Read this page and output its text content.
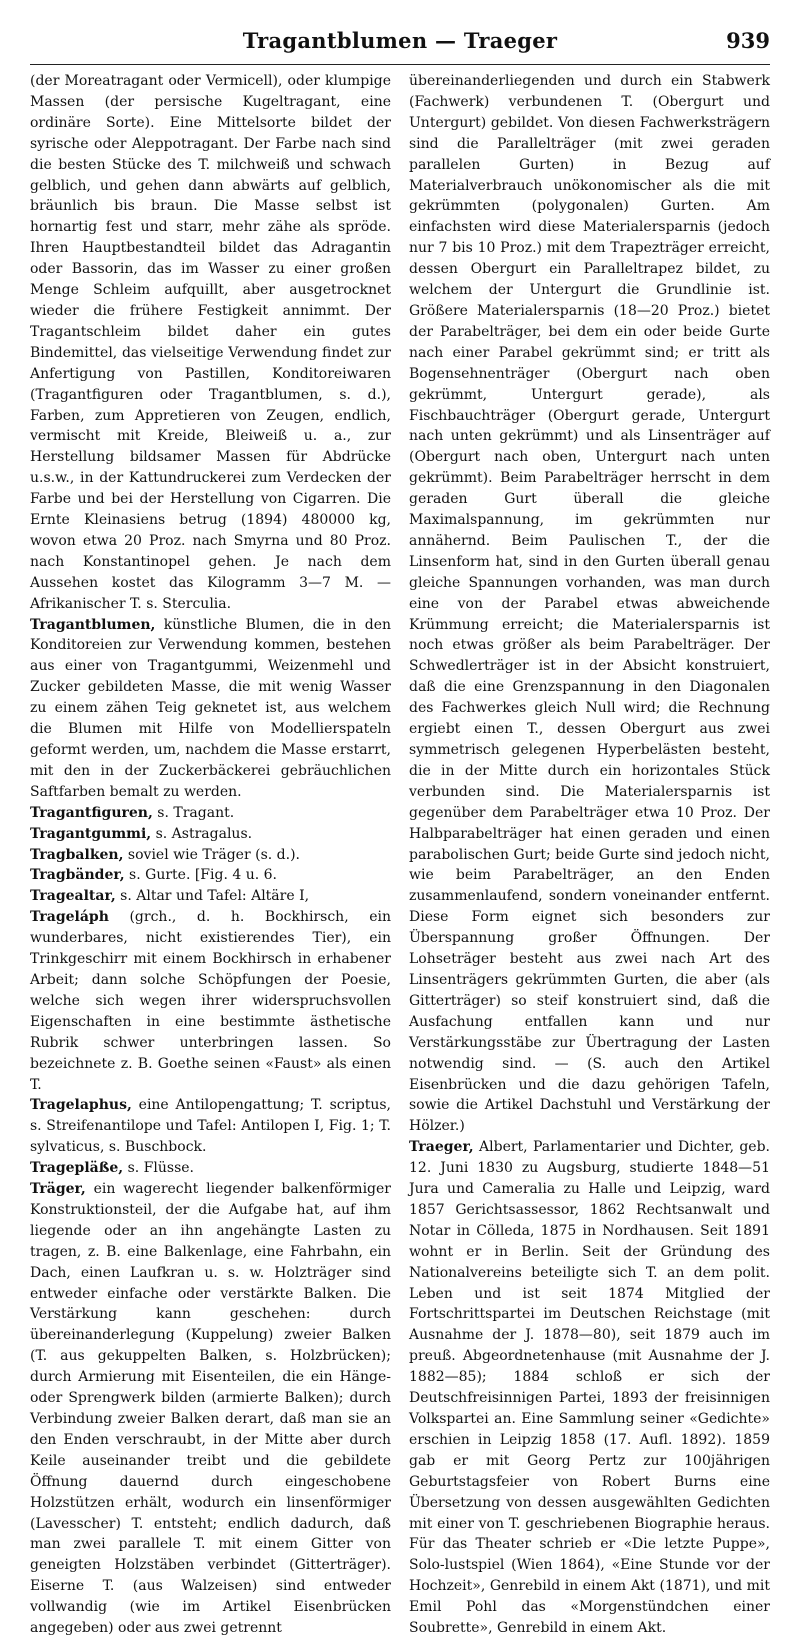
Tragantblumen — Traeger	939

(der Moreatragant oder Vermicell), oder klumpige Massen (der persische Kugeltragant, eine ordinäre Sorte). Eine Mittelsorte bildet der syrische oder Aleppotragant. Der Farbe nach sind die besten Stücke des T. milchweiß und schwach gelblich, und gehen dann abwärts auf gelblich, bräunlich bis braun. Die Masse selbst ist hornartig fest und starr, mehr zähe als spröde. Ihren Hauptbestandteil bildet das Adragantin oder Bassorin, das im Wasser zu einer großen Menge Schleim aufquillt, aber ausgetrocknet wieder die frühere Festigkeit annimmt. Der Tragantschleim bildet daher ein gutes Bindemittel, das vielseitige Verwendung findet zur Anfertigung von Pastillen, Konditoreiwaren (Tragantfiguren oder Tragantblumen, s. d.), Farben, zum Appretieren von Zeugen, endlich, vermischt mit Kreide, Bleiweiß u. a., zur Herstellung bildsamer Massen für Abdrücke u.s.w., in der Kattundruckerei zum Verdecken der Farbe und bei der Herstellung von Cigarren. Die Ernte Kleinasiens betrug (1894) 480000 kg, wovon etwa 20 Proz. nach Smyrna und 80 Proz. nach Konstantinopel gehen. Je nach dem Aussehen kostet das Kilogramm 3—7 M. — Afrikanischer T. s. Sterculia.

Tragantblumen, künstliche Blumen, die in den Konditoreien zur Verwendung kommen, bestehen aus einer von Tragantgummi, Weizenmehl und Zucker gebildeten Masse, die mit wenig Wasser zu einem zähen Teig geknetet ist, aus welchem die Blumen mit Hilfe von Modellierspateln geformt werden, um, nachdem die Masse erstarrt, mit den in der Zuckerbäckerei gebräuchlichen Saftfarben bemalt zu werden.

Tragantfiguren, s. Tragant.

Tragantgummi, s. Astragalus.

Tragbalken, soviel wie Träger (s. d.).

Tragbänder, s. Gurte. [Fig. 4 u. 6.

Tragealtar, s. Altar und Tafel: Altäre I,

Trageláph (grch., d. h. Bockhirsch, ein wunderbares, nicht existierendes Tier), ein Trinkgeschirr mit einem Bockhirsch in erhabener Arbeit; dann solche Schöpfungen der Poesie, welche sich wegen ihrer widerspruchsvollen Eigenschaften in eine bestimmte ästhetische Rubrik schwer unterbringen lassen. So bezeichnete z. B. Goethe seinen «Faust» als einen T.

Tragelaphus, eine Antilopengattung; T. scriptus, s. Streifenantilope und Tafel: Antilopen I, Fig. 1; T. sylvaticus, s. Buschbock.

Tragepläße, s. Flüsse.

Träger, ein wagerecht liegender balkenförmiger Konstruktionsteil, der die Aufgabe hat, auf ihm liegende oder an ihn angehängte Lasten zu tragen, z. B. eine Balkenlage, eine Fahrbahn, ein Dach, einen Laufkran u. s. w. Holzträger sind entweder einfache oder verstärkte Balken. Die Verstärkung kann geschehen: durch übereinanderlegung (Kuppelung) zweier Balken (T. aus gekuppelten Balken, s. Holzbrücken); durch Armierung mit Eisenteilen, die ein Hänge- oder Sprengwerk bilden (armierte Balken); durch Verbindung zweier Balken derart, daß man sie an den Enden verschraubt, in der Mitte aber durch Keile auseinander treibt und die gebildete Öffnung dauernd durch eingeschobene Holzstützen erhält, wodurch ein linsenförmiger (Lavesscher) T. entsteht; endlich dadurch, daß man zwei parallele T. mit einem Gitter von geneigten Holzstäben verbindet (Gitterträger). Eiserne T. (aus Walzeisen) sind entweder vollwandig (wie im Artikel Eisenbrücken angegeben) oder aus zwei getrennt

übereinanderliegenden und durch ein Stabwerk (Fachwerk) verbundenen T. (Obergurt und Untergurt) gebildet. Von diesen Fachwerksträgern sind die Parallelträger (mit zwei geraden parallelen Gurten) in Bezug auf Materialverbrauch unökonomischer als die mit gekrümmten (polygonalen) Gurten. Am einfachsten wird diese Materialersparnis (jedoch nur 7 bis 10 Proz.) mit dem Trapezträger erreicht, dessen Obergurt ein Paralleltrapez bildet, zu welchem der Untergurt die Grundlinie ist. Größere Materialersparnis (18—20 Proz.) bietet der Parabelträger, bei dem ein oder beide Gurte nach einer Parabel gekrümmt sind; er tritt als Bogensehnenträger (Obergurt nach oben gekrümmt, Untergurt gerade), als Fischbauchträger (Obergurt gerade, Untergurt nach unten gekrümmt) und als Linsenträger auf (Obergurt nach oben, Untergurt nach unten gekrümmt). Beim Parabelträger herrscht in dem geraden Gurt überall die gleiche Maximalspannung, im gekrümmten nur annähernd. Beim Paulischen T., der die Linsenform hat, sind in den Gurten überall genau gleiche Spannungen vorhanden, was man durch eine von der Parabel etwas abweichende Krümmung erreicht; die Materialersparnis ist noch etwas größer als beim Parabelträger. Der Schwedlerträger ist in der Absicht konstruiert, daß die eine Grenzspannung in den Diagonalen des Fachwerkes gleich Null wird; die Rechnung ergiebt einen T., dessen Obergurt aus zwei symmetrisch gelegenen Hyperbelästen besteht, die in der Mitte durch ein horizontales Stück verbunden sind. Die Materialersparnis ist gegenüber dem Parabelträger etwa 10 Proz. Der Halbparabelträger hat einen geraden und einen parabolischen Gurt; beide Gurte sind jedoch nicht, wie beim Parabelträger, an den Enden zusammenlaufend, sondern voneinander entfernt. Diese Form eignet sich besonders zur Überspannung großer Öffnungen. Der Lohseträger besteht aus zwei nach Art des Linsenträgers gekrümmten Gurten, die aber (als Gitterträger) so steif konstruiert sind, daß die Ausfachung entfallen kann und nur Verstärkungsstäbe zur Übertragung der Lasten notwendig sind. — (S. auch den Artikel Eisenbrücken und die dazu gehörigen Tafeln, sowie die Artikel Dachstuhl und Verstärkung der Hölzer.)

Traeger, Albert, Parlamentarier und Dichter, geb. 12. Juni 1830 zu Augsburg, studierte 1848—51 Jura und Cameralia zu Halle und Leipzig, ward 1857 Gerichtsassessor, 1862 Rechtsanwalt und Notar in Cölleda, 1875 in Nordhausen. Seit 1891 wohnt er in Berlin. Seit der Gründung des Nationalvereins beteiligte sich T. an dem polit. Leben und ist seit 1874 Mitglied der Fortschrittspartei im Deutschen Reichstage (mit Ausnahme der J. 1878—80), seit 1879 auch im preuß. Abgeordnetenhause (mit Ausnahme der J. 1882—85); 1884 schloß er sich der Deutschfreisinnigen Partei, 1893 der freisinnigen Volkspartei an. Eine Sammlung seiner «Gedichte» erschien in Leipzig 1858 (17. Aufl. 1892). 1859 gab er mit Georg Pertz zur 100jährigen Geburtstagsfeier von Robert Burns eine Übersetzung von dessen ausgewählten Gedichten mit einer von T. geschriebenen Biographie heraus. Für das Theater schrieb er «Die letzte Puppe», Solo-lustspiel (Wien 1864), «Eine Stunde vor der Hochzeit», Genrebild in einem Akt (1871), und mit Emil Pohl das «Morgenstündchen einer Soubrette», Genrebild in einem Akt.
